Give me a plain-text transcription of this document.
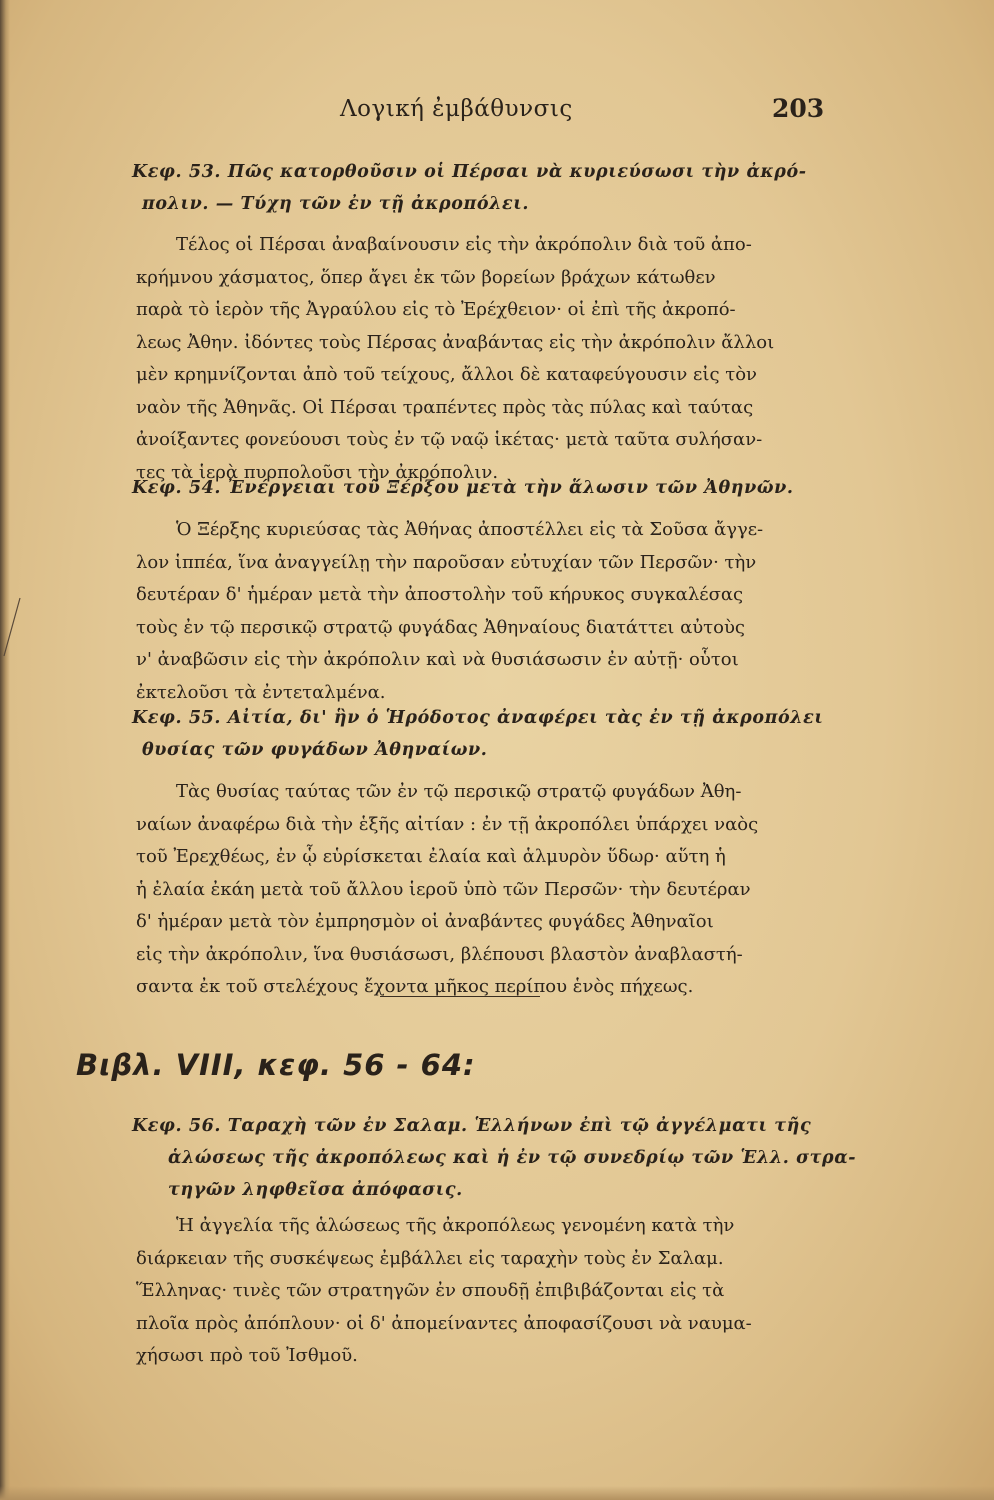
Λογική ἐμβάθυνσις	203
Κεφ. 53. Πῶς κατορθοῦσιν οἱ Πέρσαι νὰ κυριεύσωσι τὴν ἀκρό-
πολιν. — Τύχη τῶν ἐν τῇ ἀκροπόλει.
Τέλος οἱ Πέρσαι ἀναβαίνουσιν εἰς τὴν ἀκρόπολιν διὰ τοῦ ἀπο-
κρήμνου χάσματος, ὅπερ ἄγει ἐκ τῶν βορείων βράχων κάτωθεν
παρὰ τὸ ἱερὸν τῆς Ἀγραύλου εἰς τὸ Ἐρέχθειον· οἱ ἐπὶ τῆς ἀκροπό-
λεως Ἀθην. ἰδόντες τοὺς Πέρσας ἀναβάντας εἰς τὴν ἀκρόπολιν ἄλλοι
μὲν κρημνίζονται ἀπὸ τοῦ τείχους, ἄλλοι δὲ καταφεύγουσιν εἰς τὸν
ναὸν τῆς Ἀθηνᾶς. Οἱ Πέρσαι τραπέντες πρὸς τὰς πύλας καὶ ταύτας
ἀνοίξαντες φονεύουσι τοὺς ἐν τῷ ναῷ ἱκέτας· μετὰ ταῦτα συλήσαν-
τες τὰ ἱερὰ πυρπολοῦσι τὴν ἀκρόπολιν.
Κεφ. 54. Ἐνέργειαι τοῦ Ξέρξου μετὰ τὴν ἅλωσιν τῶν Ἀθηνῶν.
Ὁ Ξέρξης κυριεύσας τὰς Ἀθήνας ἀποστέλλει εἰς τὰ Σοῦσα ἄγγε-
λον ἱππέα, ἵνα ἀναγγείλῃ τὴν παροῦσαν εὐτυχίαν τῶν Περσῶν· τὴν
δευτέραν δ' ἡμέραν μετὰ τὴν ἀποστολὴν τοῦ κήρυκος συγκαλέσας
τοὺς ἐν τῷ περσικῷ στρατῷ φυγάδας Ἀθηναίους διατάττει αὐτοὺς
ν' ἀναβῶσιν εἰς τὴν ἀκρόπολιν καὶ νὰ θυσιάσωσιν ἐν αὐτῇ· οὗτοι
ἐκτελοῦσι τὰ ἐντεταλμένα.
Κεφ. 55. Αἰτία, δι' ἣν ὁ Ἡρόδοτος ἀναφέρει τὰς ἐν τῇ ἀκροπόλει
θυσίας τῶν φυγάδων Ἀθηναίων.
Τὰς θυσίας ταύτας τῶν ἐν τῷ περσικῷ στρατῷ φυγάδων Ἀθη-
ναίων ἀναφέρω διὰ τὴν ἑξῆς αἰτίαν : ἐν τῇ ἀκροπόλει ὑπάρχει ναὸς
τοῦ Ἐρεχθέως, ἐν ᾧ εὑρίσκεται ἐλαία καὶ ἁλμυρὸν ὕδωρ· αὕτη ἡ
ἡ ἐλαία ἐκάη μετὰ τοῦ ἄλλου ἱεροῦ ὑπὸ τῶν Περσῶν· τὴν δευτέραν
δ' ἡμέραν μετὰ τὸν ἐμπρησμὸν οἱ ἀναβάντες φυγάδες Ἀθηναῖοι
εἰς τὴν ἀκρόπολιν, ἵνα θυσιάσωσι, βλέπουσι βλαστὸν ἀναβλαστή-
σαντα ἐκ τοῦ στελέχους ἔχοντα μῆκος περίπου ἑνὸς πήχεως.
Βιβλ. VIII, κεφ. 56 - 64:
Κεφ. 56. Ταραχὴ τῶν ἐν Σαλαμ. Ἑλλήνων ἐπὶ τῷ ἀγγέλματι τῆς
ἁλώσεως τῆς ἀκροπόλεως καὶ ἡ ἐν τῷ συνεδρίῳ τῶν Ἑλλ. στρα-
τηγῶν ληφθεῖσα ἀπόφασις.
Ἡ ἀγγελία τῆς ἁλώσεως τῆς ἀκροπόλεως γενομένη κατὰ τὴν
διάρκειαν τῆς συσκέψεως ἐμβάλλει εἰς ταραχὴν τοὺς ἐν Σαλαμ.
Ἕλληνας· τινὲς τῶν στρατηγῶν ἐν σπουδῇ ἐπιβιβάζονται εἰς τὰ
πλοῖα πρὸς ἀπόπλουν· οἱ δ' ἀπομείναντες ἀποφασίζουσι νὰ ναυμα-
χήσωσι πρὸ τοῦ Ἰσθμοῦ.
